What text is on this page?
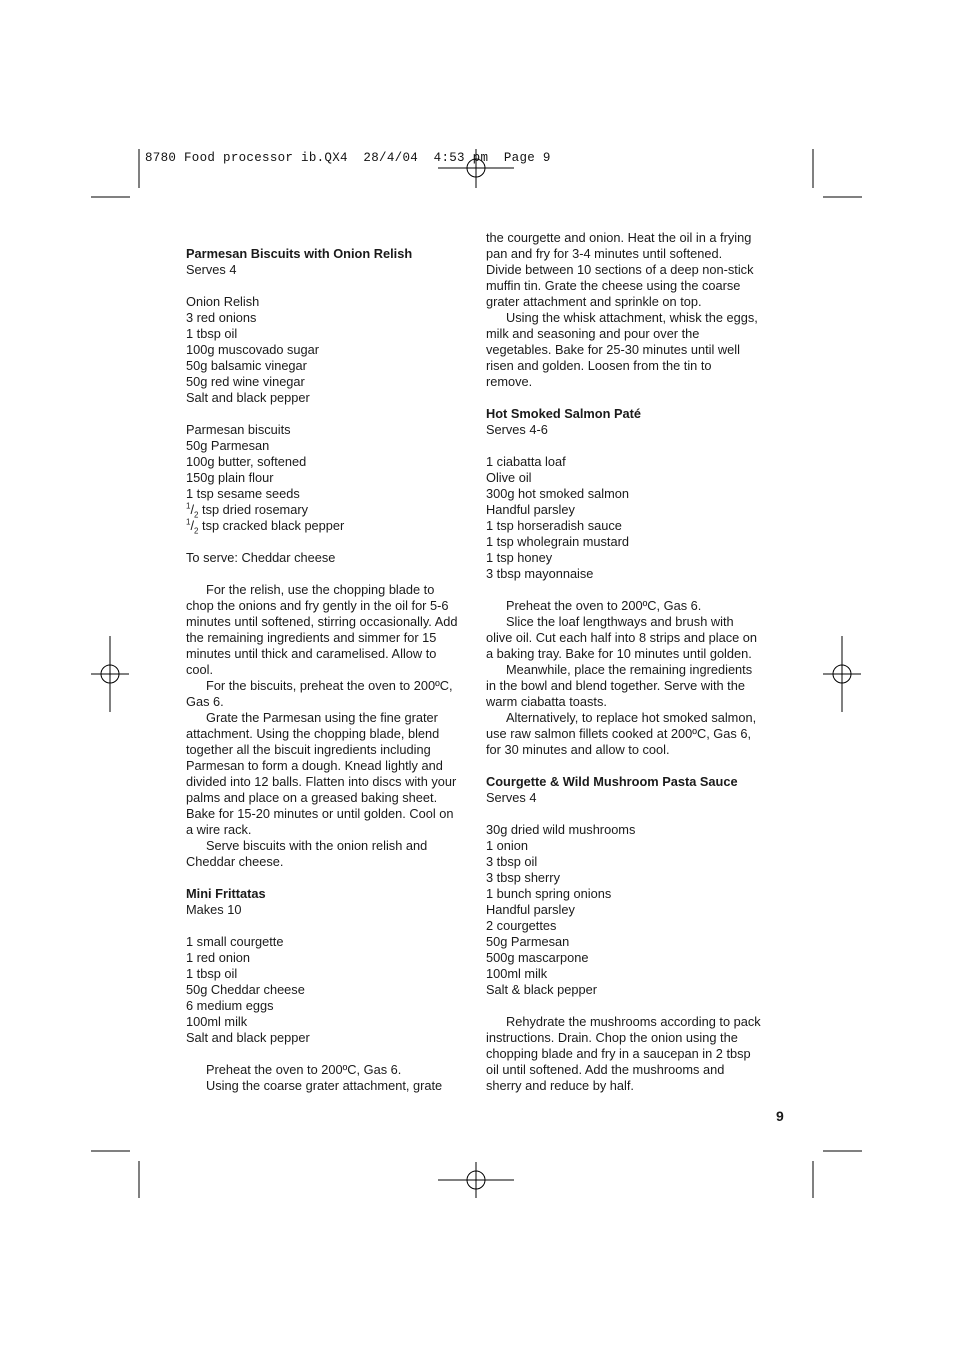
8780 Food processor ib.QX4  28/4/04  4:53 pm  Page 9

Parmesan Biscuits with Onion Relish

Serves 4

Onion Relish

3 red onions

1 tbsp oil

100g muscovado sugar

50g balsamic vinegar

50g red wine vinegar

Salt and black pepper

Parmesan biscuits

50g Parmesan

100g butter, softened

150g plain flour

1 tsp sesame seeds

$^1/_2$ tsp dried rosemary

$^1/_2$ tsp cracked black pepper

To serve: Cheddar cheese

For the relish, use the chopping blade to

chop the onions and fry gently in the oil for 5-6

minutes until softened, stirring occasionally. Add

the remaining ingredients and simmer for 15

minutes until thick and caramelised. Allow to

cool.

For the biscuits, preheat the oven to 200ºC,

Gas 6.

Grate the Parmesan using the fine grater

attachment. Using the chopping blade, blend

together all the biscuit ingredients including

Parmesan to form a dough. Knead lightly and

divided into 12 balls. Flatten into discs with your

palms and place on a greased baking sheet.

Bake for 15-20 minutes or until golden. Cool on

a wire rack.

Serve biscuits with the onion relish and

Cheddar cheese.

Mini Frittatas

Makes 10

1 small courgette

1 red onion

1 tbsp oil

50g Cheddar cheese

6 medium eggs

100ml milk

Salt and black pepper

Preheat the oven to 200ºC, Gas 6.

Using the coarse grater attachment, grate

the courgette and onion. Heat the oil in a frying

pan and fry for 3-4 minutes until softened.

Divide between 10 sections of a deep non-stick

muffin tin. Grate the cheese using the coarse

grater attachment and sprinkle on top.

Using the whisk attachment, whisk the eggs,

milk and seasoning and pour over the

vegetables. Bake for 25-30 minutes until well

risen and golden. Loosen from the tin to

remove.

Hot Smoked Salmon Paté

Serves 4-6

1 ciabatta loaf

Olive oil

300g hot smoked salmon

Handful parsley

1 tsp horseradish sauce

1 tsp wholegrain mustard

1 tsp honey

3 tbsp mayonnaise

Preheat the oven to 200ºC, Gas 6.

Slice the loaf lengthways and brush with

olive oil. Cut each half into 8 strips and place on

a baking tray. Bake for 10 minutes until golden.

Meanwhile, place the remaining ingredients

in the bowl and blend together. Serve with the

warm ciabatta toasts.

Alternatively, to replace hot smoked salmon,

use raw salmon fillets cooked at 200ºC, Gas 6,

for 30 minutes and allow to cool.

Courgette & Wild Mushroom Pasta Sauce

Serves 4

30g dried wild mushrooms

1 onion

3 tbsp oil

3 tbsp sherry

1 bunch spring onions

Handful parsley

2 courgettes

50g Parmesan

500g mascarpone

100ml milk

Salt & black pepper

Rehydrate the mushrooms according to pack

instructions. Drain. Chop the onion using the

chopping blade and fry in a saucepan in 2 tbsp

oil until softened. Add the mushrooms and

sherry and reduce by half.

9
